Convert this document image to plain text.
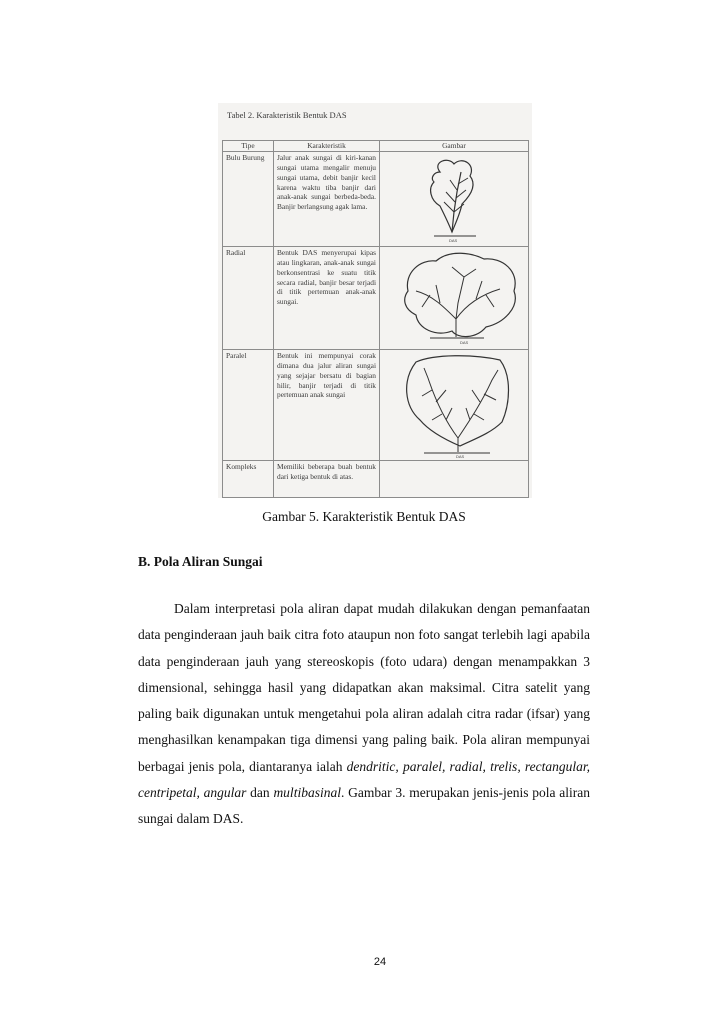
Tabel 2. Karakteristik Bentuk DAS
Tipe	Karakteristik	Gambar
Bulu Burung	Jalur anak sungai di kiri-kanan sungai utama mengalir menuju sungai utama, debit banjir kecil karena waktu tiba banjir dari anak-anak sungai berbeda-beda. Banjir berlangsung agak lama.	DAS

Radial	Bentuk DAS menyerupai kipas atau lingkaran, anak-anak sungai berkonsentrasi ke suatu titik secara radial, banjir besar terjadi di titik pertemuan anak-anak sungai.	DAS

Paralel	Bentuk ini mempunyai corak dimana dua jalur aliran sungai yang sejajar bersatu di bagian hilir, banjir terjadi di titik pertemuan anak sungai	DAS

Kompleks	Memiliki beberapa buah bentuk dari ketiga bentuk di atas.	
Gambar 5. Karakteristik Bentuk DAS
B. Pola Aliran Sungai

Dalam interpretasi pola aliran dapat mudah dilakukan dengan pemanfaatan data penginderaan jauh baik citra foto ataupun non foto sangat terlebih lagi apabila data penginderaan jauh yang stereoskopis (foto udara) dengan menampakkan 3 dimensional, sehingga hasil yang didapatkan akan maksimal. Citra satelit yang paling baik digunakan untuk mengetahui pola aliran adalah citra radar (ifsar) yang menghasilkan kenampakan tiga dimensi yang paling baik. Pola aliran mempunyai berbagai jenis pola, diantaranya ialah dendritic, paralel, radial, trelis, rectangular, centripetal, angular dan multibasinal. Gambar 3. merupakan jenis-jenis pola aliran sungai dalam DAS.

24
